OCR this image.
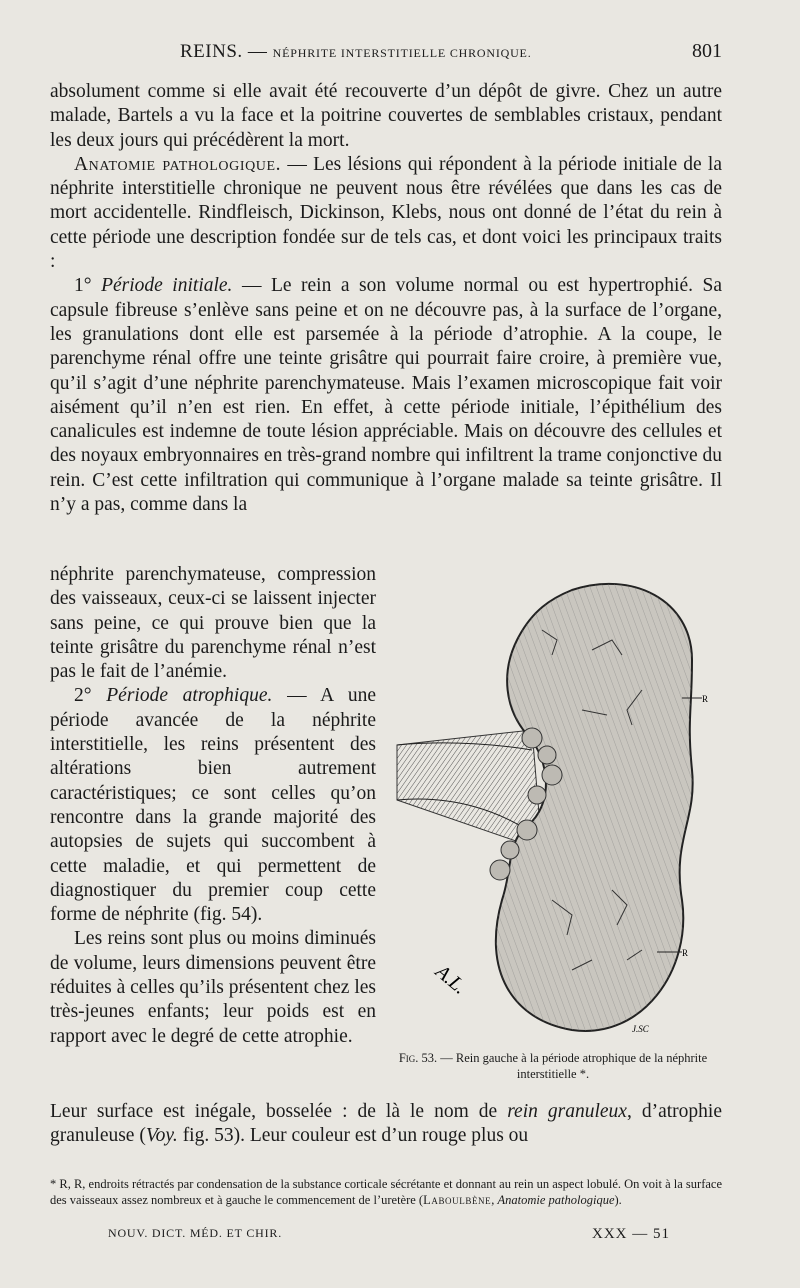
REINS. — NÉPHRITE INTERSTITIELLE CHRONIQUE.	801

absolument comme si elle avait été recouverte d’un dépôt de givre. Chez un autre malade, Bartels a vu la face et la poitrine couvertes de semblables cristaux, pendant les deux jours qui précédèrent la mort.

Anatomie pathologique. — Les lésions qui répondent à la période initiale de la néphrite interstitielle chronique ne peuvent nous être révélées que dans les cas de mort accidentelle. Rindfleisch, Dickinson, Klebs, nous ont donné de l’état du rein à cette période une description fondée sur de tels cas, et dont voici les principaux traits :

1° Période initiale. — Le rein a son volume normal ou est hypertrophié. Sa capsule fibreuse s’enlève sans peine et on ne découvre pas, à la surface de l’organe, les granulations dont elle est parsemée à la période d’atrophie. A la coupe, le parenchyme rénal offre une teinte grisâtre qui pourrait faire croire, à première vue, qu’il s’agit d’une néphrite parenchymateuse. Mais l’examen microscopique fait voir aisément qu’il n’en est rien. En effet, à cette période initiale, l’épithélium des canalicules est indemne de toute lésion appréciable. Mais on découvre des cellules et des noyaux embryonnaires en très-grand nombre qui infiltrent la trame conjonctive du rein. C’est cette infiltration qui communique à l’organe malade sa teinte grisâtre. Il n’y a pas, comme dans la

néphrite parenchymateuse, compression des vaisseaux, ceux-ci se laissent injecter sans peine, ce qui prouve bien que la teinte grisâtre du parenchyme rénal n’est pas le fait de l’anémie.

2° Période atrophique. — A une période avancée de la néphrite interstitielle, les reins présentent des altérations bien autrement caractéristiques; ce sont celles qu’on rencontre dans la grande majorité des autopsies de sujets qui succombent à cette maladie, et qui permettent de diagnostiquer du premier coup cette forme de néphrite (fig. 54).

Les reins sont plus ou moins diminués de volume, leurs dimensions peuvent être réduites à celles qu’ils présentent chez les très-jeunes enfants; leur poids est en rapport avec le degré de cette atrophie.

R
R
A.L.
J.SC
Fig. 53. — Rein gauche à la période atrophique de la néphrite interstitielle *.

Leur surface est inégale, bosselée : de là le nom de rein granuleux, d’atrophie granuleuse (Voy. fig. 53). Leur couleur est d’un rouge plus ou

* R, R, endroits rétractés par condensation de la substance corticale sécrétante et donnant au rein un aspect lobulé. On voit à la surface des vaisseaux assez nombreux et à gauche le commencement de l’uretère (Laboulbène, Anatomie pathologique).
NOUV. DICT. MÉD. ET CHIR.	XXX — 51
